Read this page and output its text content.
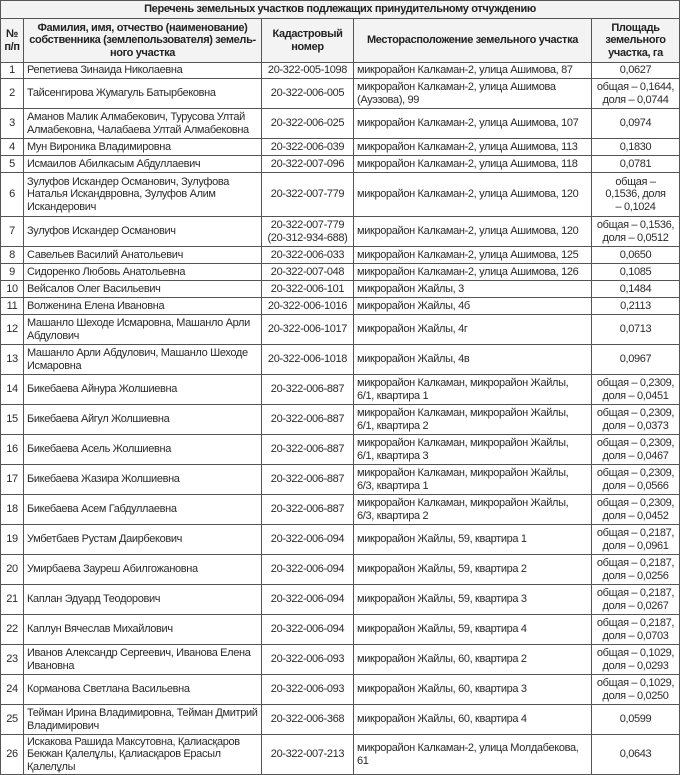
Перечень земельных участков подлежащих принудительному отчуждению				
№ п/п	Фамилия, имя, отчество (наименование) собственника (землепользователя) земель- ного участка	Кадастровый номер	Месторасположение земельного участка	Площадь земельного участка, га
1	Репетиева Зинаида Николаевна	20-322-005-1098	микрорайон Калкаман-2, улица Ашимова, 87	0,0627
2	Тайсенгирова Жумагуль Батырбековна	20-322-006-005	микрорайон Калкаман-2, улица Ашимова (Ауэзова), 99	общая – 0,1644,
доля – 0,0744
3	Аманов Малик Алмабекович, Турусова Ултай Алмабековна, Чалабаева Ултай Алмабековна	20-322-006-025	микрорайон Калкаман-2, улица Ашимова, 107	0,0974
4	Мун Вироника Владимировна	20-322-006-039	микрорайон Калкаман-2, улица Ашимова, 113	0,1830
5	Исмаилов Абилкасым Абдуллаевич	20-322-007-096	микрорайон Калкаман-2, улица Ашимова, 118	0,0781
6	Зулуфов Искандер Османович, Зулуфова Наталья Искандвровна, Зулуфов Алим Искандерович	20-322-007-779	микрорайон Калкаман-2, улица Ашимова, 120	общая –
0,1536, доля
– 0,1024
7	Зулуфов Искандер Османович	20-322-007-779 (20-312-934-688)	микрорайон Калкаман-2, улица Ашимова, 120	общая – 0,1536,
доля – 0,0512
8	Савельев Василий Анатольевич	20-322-006-033	микрорайон Калкаман-2, улица Ашимова, 125	0,0650
9	Сидоренко Любовь Анатольевна	20-322-007-048	микрорайон Калкаман-2, улица Ашимова, 126	0,1085
10	Вейсалов Олег Васильевич	20-322-006-101	микрорайон Жайлы, 3	0,1484
11	Волженина Елена Ивановна	20-322-006-1016	микрорайон Жайлы, 4б	0,2113
12	Машанло Шеходе Исмаровна, Машанло Арли Абдулович	20-322-006-1017	микрорайон Жайлы, 4г	0,0713
13	Машанло Арли Абдулович, Машанло Шеходе Исмаровна	20-322-006-1018	микрорайон Жайлы, 4в	0,0967
14	Бикебаева Айнура Жолшиевна	20-322-006-887	микрорайон Калкаман, микрорайон Жайлы, 6/1, квартира 1	общая – 0,2309,
доля – 0,0451
15	Бикебаева Айгул Жолшиевна	20-322-006-887	микрорайон Калкаман, микрорайон Жайлы, 6/1, квартира 2	общая – 0,2309,
доля – 0,0373
16	Бикебаева Асель Жолшиевна	20-322-006-887	микрорайон Калкаман, микрорайон Жайлы, 6/1, квартира 3	общая – 0,2309,
доля – 0,0467
17	Бикебаева Жазира Жолшиевна	20-322-006-887	микрорайон Калкаман, микрорайон Жайлы, 6/3, квартира 1	общая – 0,2309,
доля – 0,0566
18	Бикебаева Асем Габдуллаевна	20-322-006-887	микрорайон Калкаман, микрорайон Жайлы, 6/3, квартира 2	общая – 0,2309,
доля – 0,0452
19	Умбетбаев Рустам Даирбекович	20-322-006-094	микрорайон Жайлы, 59, квартира 1	общая – 0,2187,
доля – 0,0961
20	Умирбаева Зауреш Абилгожановна	20-322-006-094	микрорайон Жайлы, 59, квартира 2	общая – 0,2187,
доля – 0,0256
21	Каплан Эдуард Теодорович	20-322-006-094	микрорайон Жайлы, 59, квартира 3	общая – 0,2187,
доля – 0,0267
22	Каплун Вячеслав Михайлович	20-322-006-094	микрорайон Жайлы, 59, квартира 4	общая – 0,2187,
доля – 0,0703
23	Иванов Александр Сергеевич, Иванова Елена Ивановна	20-322-006-093	микрорайон Жайлы, 60, квартира 2	общая – 0,1029,
доля – 0,0293
24	Корманова Светлана Васильевна	20-322-006-093	микрорайон Жайлы, 60, квартира 3	общая – 0,1029,
доля – 0,0250
25	Тейман Ирина Владимировна, Тейман Дмитрий Владимирович	20-322-006-368	микрорайон Жайлы, 60, квартира 4	0,0599
26	Искакова Рашида Максутовна, Қалиасқаров Бекжан Қалелұлы, Қалиасқаров Ерасыл Қалелұлы	20-322-007-213	микрорайон Калкаман-2, улица Молдабекова, 61	0,0643
